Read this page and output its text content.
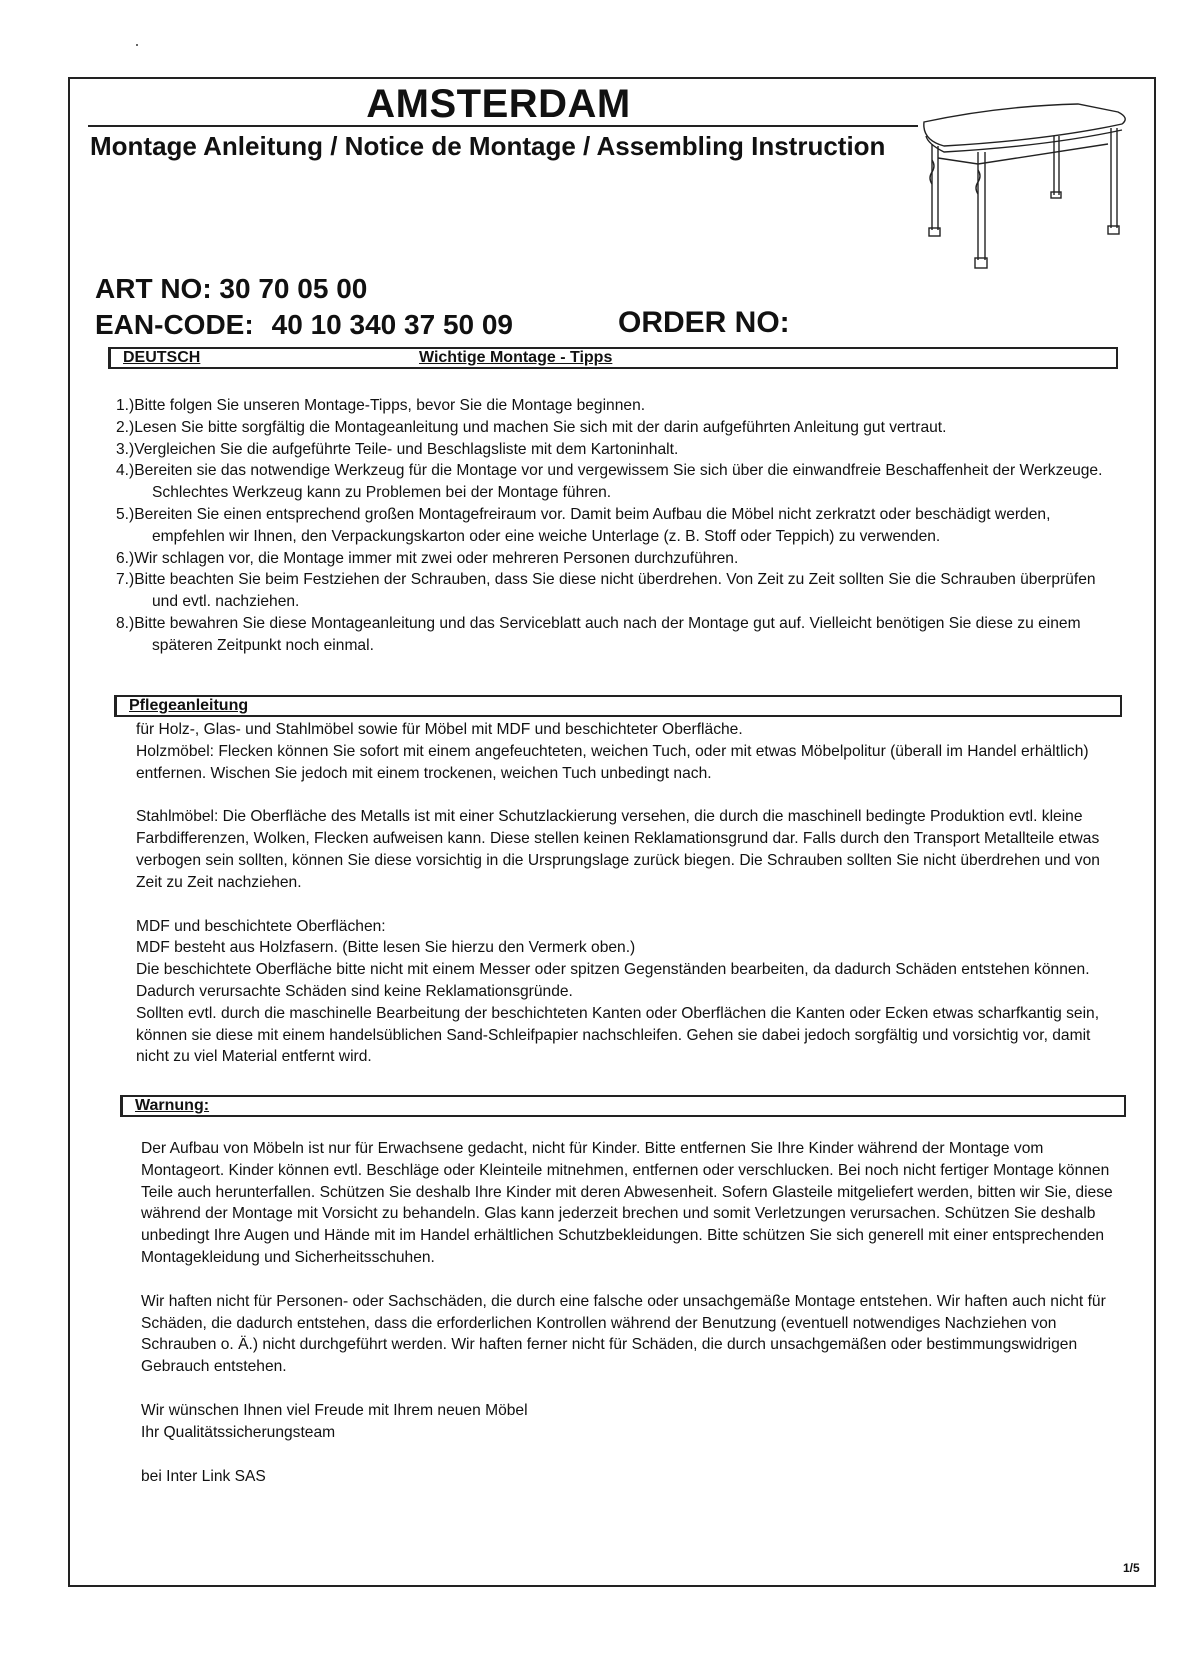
AMSTERDAM
Montage Anleitung / Notice de Montage / Assembling Instruction
ART NO: 30 70 05 00
EAN-CODE: 40 10 340 37 50 09	ORDER NO:
DEUTSCH	Wichtige Montage - Tipps

1.)Bitte folgen Sie unseren Montage-Tipps, bevor Sie die Montage beginnen.

2.)Lesen Sie bitte sorgfältig die Montageanleitung und machen Sie sich mit der darin aufgeführten Anleitung gut vertraut.

3.)Vergleichen Sie die aufgeführte Teile- und Beschlagsliste mit dem Kartoninhalt.

4.)Bereiten sie das notwendige Werkzeug für die Montage vor und vergewissem Sie sich über die einwandfreie Beschaffenheit der Werkzeuge. Schlechtes Werkzeug kann zu Problemen bei der Montage führen.

5.)Bereiten Sie einen entsprechend großen Montagefreiraum vor. Damit beim Aufbau die Möbel nicht zerkratzt oder beschädigt werden, empfehlen wir Ihnen, den Verpackungskarton oder eine weiche Unterlage (z. B. Stoff oder Teppich) zu verwenden.

6.)Wir schlagen vor, die Montage immer mit zwei oder mehreren Personen durchzuführen.

7.)Bitte beachten Sie beim Festziehen der Schrauben, dass Sie diese nicht überdrehen. Von Zeit zu Zeit sollten Sie die Schrauben überprüfen und evtl. nachziehen.

8.)Bitte bewahren Sie diese Montageanleitung und das Serviceblatt auch nach der Montage gut auf. Vielleicht benötigen Sie diese zu einem späteren Zeitpunkt noch einmal.

Pflegeanleitung

für Holz-, Glas- und Stahlmöbel sowie für Möbel mit MDF und beschichteter Oberfläche.

Holzmöbel: Flecken können Sie sofort mit einem angefeuchteten, weichen Tuch, oder mit etwas Möbelpolitur (überall im Handel erhältlich) entfernen. Wischen Sie jedoch mit einem trockenen, weichen Tuch unbedingt nach.

Stahlmöbel: Die Oberfläche des Metalls ist mit einer Schutzlackierung versehen, die durch die maschinell bedingte Produktion evtl. kleine Farbdifferenzen, Wolken, Flecken aufweisen kann. Diese stellen keinen Reklamationsgrund dar. Falls durch den Transport Metallteile etwas verbogen sein sollten, können Sie diese vorsichtig in die Ursprungslage zurück biegen. Die Schrauben sollten Sie nicht überdrehen und von Zeit zu Zeit nachziehen.

MDF und beschichtete Oberflächen:

MDF besteht aus Holzfasern. (Bitte lesen Sie hierzu den Vermerk oben.)

Die beschichtete Oberfläche bitte nicht mit einem Messer oder spitzen Gegenständen bearbeiten, da dadurch Schäden entstehen können. Dadurch verursachte Schäden sind keine Reklamationsgründe.

Sollten evtl. durch die maschinelle Bearbeitung der beschichteten Kanten oder Oberflächen die Kanten oder Ecken etwas scharfkantig sein, können sie diese mit einem handelsüblichen Sand-Schleifpapier nachschleifen. Gehen sie dabei jedoch sorgfältig und vorsichtig vor, damit nicht zu viel Material entfernt wird.

Warnung:

Der Aufbau von Möbeln ist nur für Erwachsene gedacht, nicht für Kinder. Bitte entfernen Sie Ihre Kinder während der Montage vom Montageort. Kinder können evtl. Beschläge oder Kleinteile mitnehmen, entfernen oder verschlucken. Bei noch nicht fertiger Montage können Teile auch herunterfallen. Schützen Sie deshalb Ihre Kinder mit deren Abwesenheit. Sofern Glasteile mitgeliefert werden, bitten wir Sie, diese während der Montage mit Vorsicht zu behandeln. Glas kann jederzeit brechen und somit Verletzungen verursachen. Schützen Sie deshalb unbedingt Ihre Augen und Hände mit im Handel erhältlichen Schutzbekleidungen. Bitte schützen Sie sich generell mit einer entsprechenden Montagekleidung und Sicherheitsschuhen.

Wir haften nicht für Personen- oder Sachschäden, die durch eine falsche oder unsachgemäße Montage entstehen. Wir haften auch nicht für Schäden, die dadurch entstehen, dass die erforderlichen Kontrollen während der Benutzung (eventuell notwendiges Nachziehen von Schrauben o. Ä.) nicht durchgeführt werden. Wir haften ferner nicht für Schäden, die durch unsachgemäßen oder bestimmungswidrigen Gebrauch entstehen.

Wir wünschen Ihnen viel Freude mit Ihrem neuen Möbel

Ihr Qualitätssicherungsteam

bei Inter Link SAS

1/5
